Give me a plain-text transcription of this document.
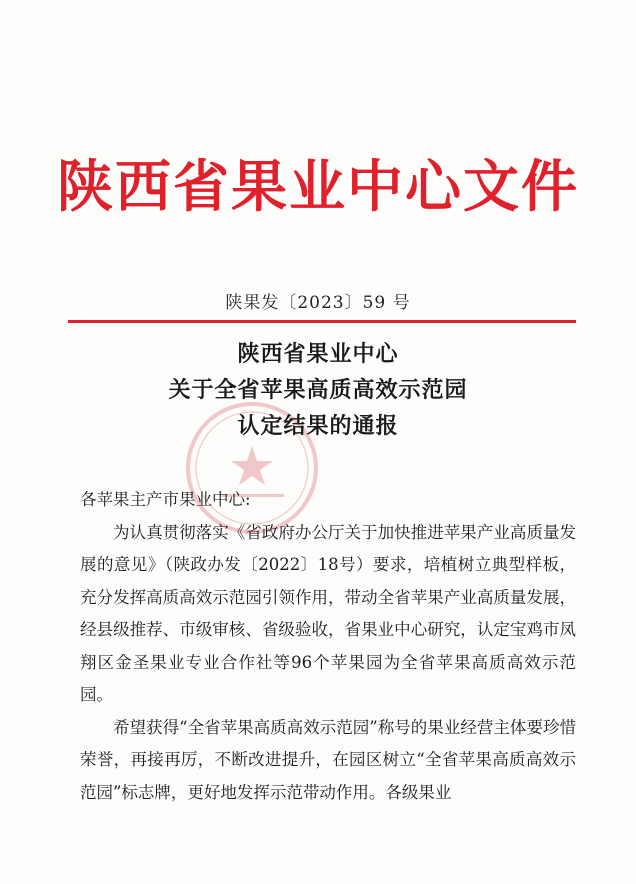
陕西省果业中心文件
陕果发〔2023〕59 号
陕西省果业中心
关于全省苹果高质高效示范园
认定结果的通报

各苹果主产市果业中心:

为认真贯彻落实《省政府办公厅关于加快推进苹果产业高质量发展的意见》（陕政办发〔2022〕18号）要求，培植树立典型样板，充分发挥高质高效示范园引领作用，带动全省苹果产业高质量发展，经县级推荐、市级审核、省级验收，省果业中心研究，认定宝鸡市凤翔区金圣果业专业合作社等96个苹果园为全省苹果高质高效示范园。

希望获得“全省苹果高质高效示范园”称号的果业经营主体要珍惜荣誉，再接再厉，不断改进提升，在园区树立“全省苹果高质高效示范园”标志牌，更好地发挥示范带动作用。各级果业
